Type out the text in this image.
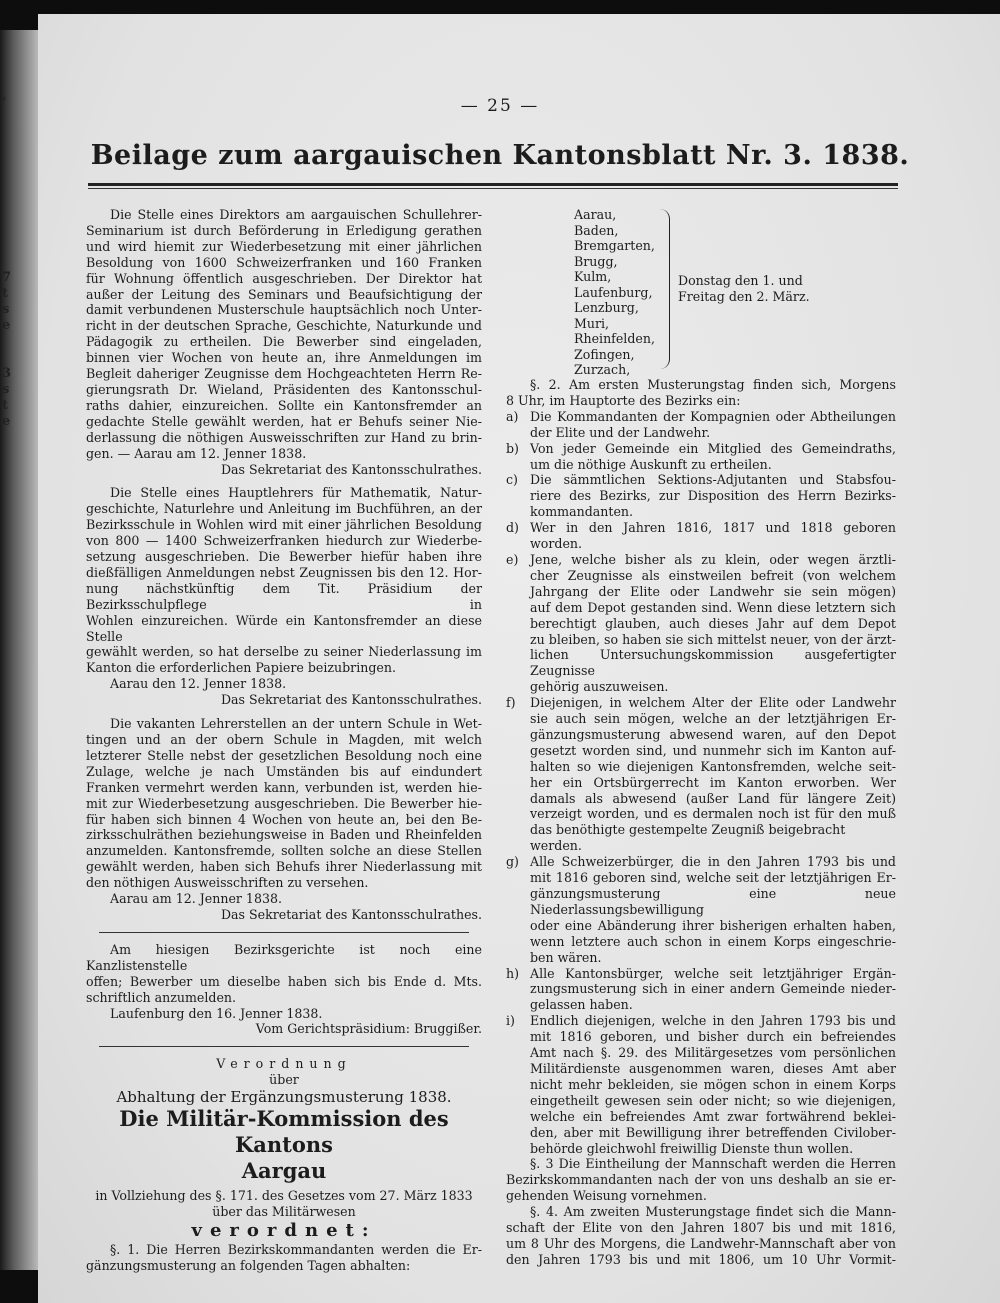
,
7
t
s
e
3
s
t
e
— 25 —
Beilage zum aargauischen Kantonsblatt Nr. 3. 1838.

Die Stelle eines Direktors am aargauischen Schullehrer-

Seminarium ist durch Beförderung in Erledigung gerathen

und wird hiemit zur Wiederbesetzung mit einer jährlichen

Besoldung von 1600 Schweizerfranken und 160 Franken

für Wohnung öffentlich ausgeschrieben. Der Direktor hat

außer der Leitung des Seminars und Beaufsichtigung der

damit verbundenen Musterschule hauptsächlich noch Unter-

richt in der deutschen Sprache, Geschichte, Naturkunde und

Pädagogik zu ertheilen. Die Bewerber sind eingeladen,

binnen vier Wochen von heute an, ihre Anmeldungen im

Begleit daheriger Zeugnisse dem Hochgeachteten Herrn Re-

gierungsrath Dr. Wieland, Präsidenten des Kantonsschul-

raths dahier, einzureichen. Sollte ein Kantonsfremder an

gedachte Stelle gewählt werden, hat er Behufs seiner Nie-

derlassung die nöthigen Ausweisschriften zur Hand zu brin-

gen. — Aarau am 12. Jenner 1838.

Das Sekretariat des Kantonsschulrathes.

Die Stelle eines Hauptlehrers für Mathematik, Natur-

geschichte, Naturlehre und Anleitung im Buchführen, an der

Bezirksschule in Wohlen wird mit einer jährlichen Besoldung

von 800 — 1400 Schweizerfranken hiedurch zur Wiederbe-

setzung ausgeschrieben. Die Bewerber hiefür haben ihre

dießfälligen Anmeldungen nebst Zeugnissen bis den 12. Hor-

nung nächstkünftig dem Tit. Präsidium der Bezirksschulpflege in

Wohlen einzureichen. Würde ein Kantonsfremder an diese Stelle

gewählt werden, so hat derselbe zu seiner Niederlassung im

Kanton die erforderlichen Papiere beizubringen.

Aarau den 12. Jenner 1838.

Das Sekretariat des Kantonsschulrathes.

Die vakanten Lehrerstellen an der untern Schule in Wet-

tingen und an der obern Schule in Magden, mit welch

letzterer Stelle nebst der gesetzlichen Besoldung noch eine

Zulage, welche je nach Umständen bis auf eindundert

Franken vermehrt werden kann, verbunden ist, werden hie-

mit zur Wiederbesetzung ausgeschrieben. Die Bewerber hie-

für haben sich binnen 4 Wochen von heute an, bei den Be-

zirksschulräthen beziehungsweise in Baden und Rheinfelden

anzumelden. Kantonsfremde, sollten solche an diese Stellen

gewählt werden, haben sich Behufs ihrer Niederlassung mit

den nöthigen Ausweisschriften zu versehen.

Aarau am 12. Jenner 1838.

Das Sekretariat des Kantonsschulrathes.

Am hiesigen Bezirksgerichte ist noch eine Kanzlistenstelle

offen; Bewerber um dieselbe haben sich bis Ende d. Mts.

schriftlich anzumelden.

Laufenburg den 16. Jenner 1838.

Vom Gerichtspräsidium: Bruggißer.

Verordnung

über

Abhaltung der Ergänzungsmusterung 1838.

Die Militär-Kommission des Kantons

Aargau

in Vollziehung des §. 171. des Gesetzes vom 27. März 1833

über das Militärwesen

verordnet:

§. 1. Die Herren Bezirkskommandanten werden die Er-

gänzungsmusterung an folgenden Tagen abhalten:

Aarau,
Baden,
Bremgarten,
Brugg,
Kulm,
Laufenburg,
Lenzburg,
Muri,
Rheinfelden,
Zofingen,
Zurzach,
Donstag den 1. und
Freitag den 2. März.

§. 2. Am ersten Musterungstag finden sich, Morgens

8 Uhr, im Hauptorte des Bezirks ein:

a) Die Kommandanten der Kompagnien oder Abtheilungen

der Elite und der Landwehr.

b) Von jeder Gemeinde ein Mitglied des Gemeindraths,

um die nöthige Auskunft zu ertheilen.

c) Die sämmtlichen Sektions-Adjutanten und Stabsfou-

riere des Bezirks, zur Disposition des Herrn Bezirks-

kommandanten.

d) Wer in den Jahren 1816, 1817 und 1818 geboren

worden.

e) Jene, welche bisher als zu klein, oder wegen ärztli-

cher Zeugnisse als einstweilen befreit (von welchem

Jahrgang der Elite oder Landwehr sie sein mögen)

auf dem Depot gestanden sind. Wenn diese letztern sich

berechtigt glauben, auch dieses Jahr auf dem Depot

zu bleiben, so haben sie sich mittelst neuer, von der ärzt-

lichen Untersuchungskommission ausgefertigter Zeugnisse

gehörig auszuweisen.

f)	Diejenigen, in welchem Alter der Elite oder Landwehr

sie auch sein mögen, welche an der letztjährigen Er-

gänzungsmusterung abwesend waren, auf den Depot

gesetzt worden sind, und nunmehr sich im Kanton auf-

halten so wie diejenigen Kantonsfremden, welche seit-

her ein Ortsbürgerrecht im Kanton erworben. Wer

damals als abwesend (außer Land für längere Zeit)

verzeigt worden, und es dermalen noch ist für den muß

das benöthigte gestempelte Zeugniß beigebracht werden.

g) Alle Schweizerbürger, die in den Jahren 1793 bis und

mit 1816 geboren sind, welche seit der letztjährigen Er-

gänzungsmusterung eine neue Niederlassungsbewilligung

oder eine Abänderung ihrer bisherigen erhalten haben,

wenn letztere auch schon in einem Korps eingeschrie-

ben wären.

h) Alle Kantonsbürger, welche seit letztjähriger Ergän-

zungsmusterung sich in einer andern Gemeinde nieder-

gelassen haben.

i)	Endlich diejenigen, welche in den Jahren 1793 bis und

mit 1816 geboren, und bisher durch ein befreiendes

Amt nach §. 29. des Militärgesetzes vom persönlichen

Militärdienste ausgenommen waren, dieses Amt aber

nicht mehr bekleiden, sie mögen schon in einem Korps

eingetheilt gewesen sein oder nicht; so wie diejenigen,

welche ein befreiendes Amt zwar fortwährend beklei-

den, aber mit Bewilligung ihrer betreffenden Civilober-

behörde gleichwohl freiwillig Dienste thun wollen.

§. 3 Die Eintheilung der Mannschaft werden die Herren

Bezirkskommandanten nach der von uns deshalb an sie er-

gehenden Weisung vornehmen.

§. 4. Am zweiten Musterungstage findet sich die Mann-

schaft der Elite von den Jahren 1807 bis und mit 1816,

um 8 Uhr des Morgens, die Landwehr-Mannschaft aber von

den Jahren 1793 bis und mit 1806, um 10 Uhr Vormit-
